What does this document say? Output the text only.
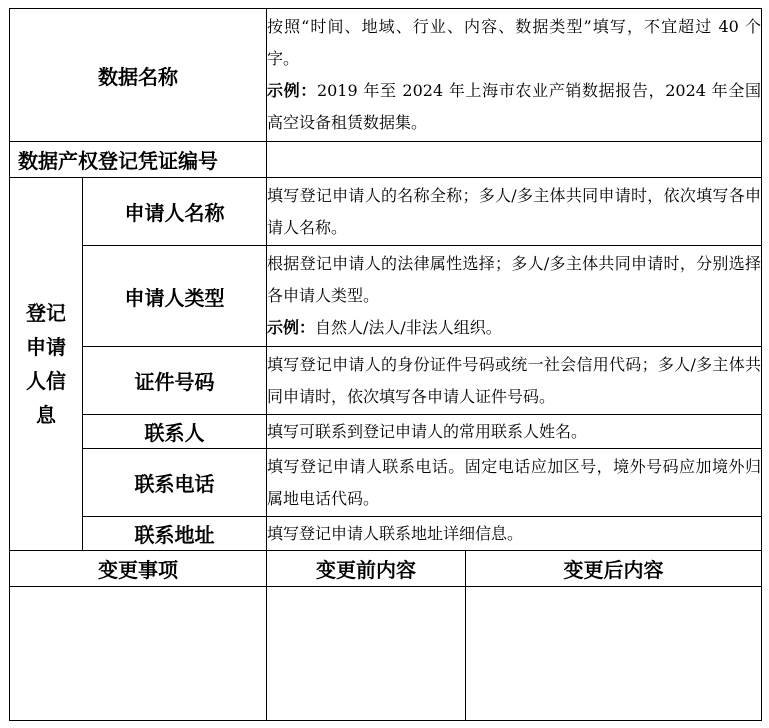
数据名称		按照“时间、地域、行业、内容、数据类型”填写，不宜超过 40 个字。

示例：2019 年至 2024 年上海市农业产销数据报告，2024 年全国高空设备租赁数据集。	

数据产权登记凭证编号			

登记申请人信息	申请人名称	填写登记申请人的名称全称；多人/多主体共同申请时，依次填写各申请人名称。	
	申请人类型	根据登记申请人的法律属性选择；多人/多主体共同申请时，分别选择各申请人类型。

示例：自然人/法人/非法人组织。	

	证件号码	填写登记申请人的身份证件号码或统一社会信用代码；多人/多主体共同申请时，依次填写各申请人证件号码。	
	联系人	填写可联系到登记申请人的常用联系人姓名。	
	联系电话	填写登记申请人联系电话。固定电话应加区号，境外号码应加境外归属地电话代码。	
	联系地址	填写登记申请人联系地址详细信息。	
变更事项		变更前内容	变更后内容
